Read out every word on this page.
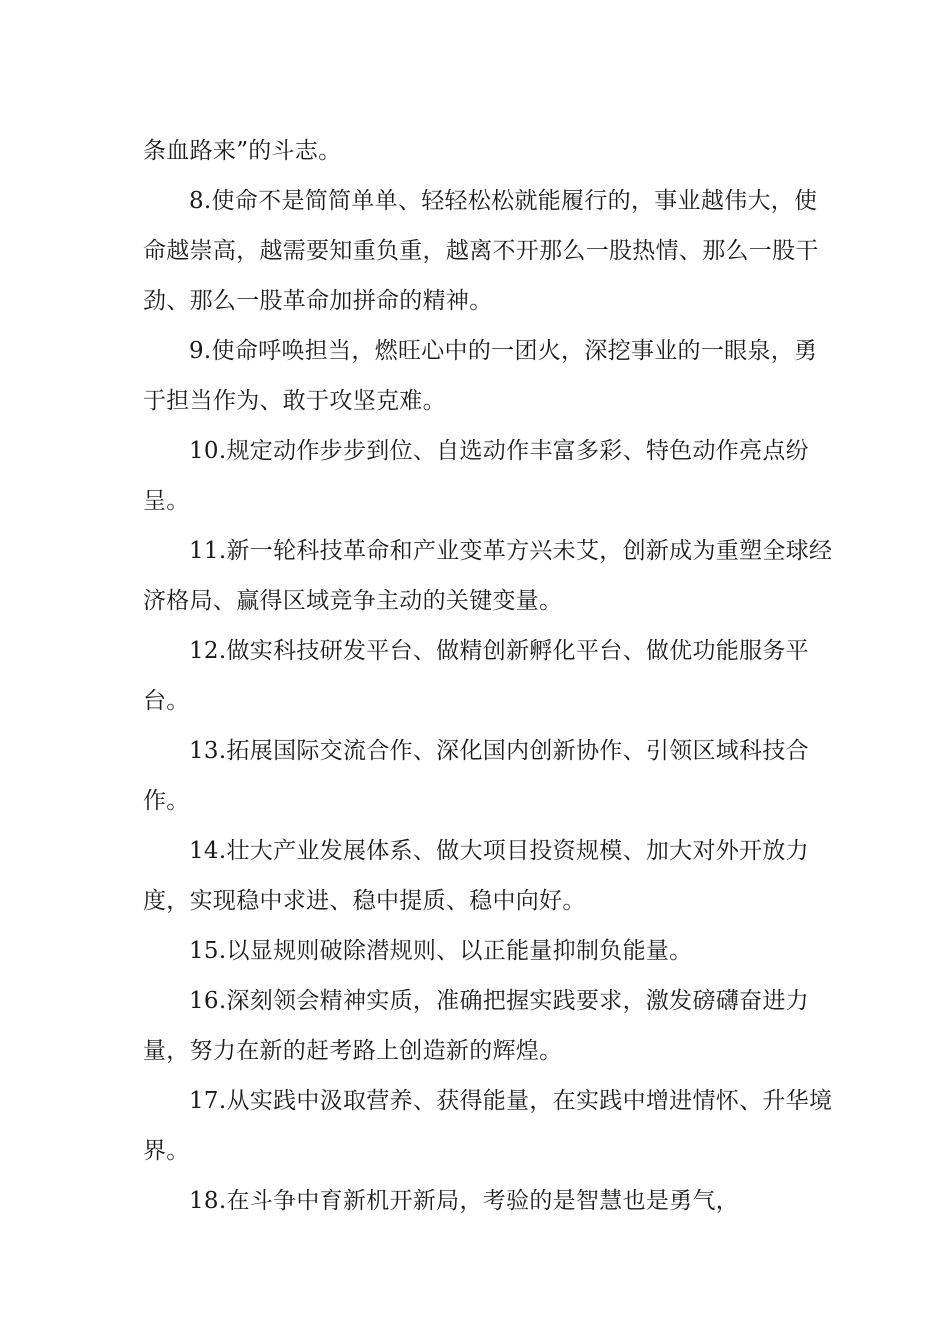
条血路来”的斗志。

8.使命不是简简单单、轻轻松松就能履行的，事业越伟大，使命越崇高，越需要知重负重，越离不开那么一股热情、那么一股干劲、那么一股革命加拼命的精神。

9.使命呼唤担当，燃旺心中的一团火，深挖事业的一眼泉，勇于担当作为、敢于攻坚克难。

10.规定动作步步到位、自选动作丰富多彩、特色动作亮点纷呈。

11.新一轮科技革命和产业变革方兴未艾，创新成为重塑全球经济格局、赢得区域竞争主动的关键变量。

12.做实科技研发平台、做精创新孵化平台、做优功能服务平台。

13.拓展国际交流合作、深化国内创新协作、引领区域科技合作。

14.壮大产业发展体系、做大项目投资规模、加大对外开放力度，实现稳中求进、稳中提质、稳中向好。

15.以显规则破除潜规则、以正能量抑制负能量。

16.深刻领会精神实质，准确把握实践要求，激发磅礴奋进力量，努力在新的赶考路上创造新的辉煌。

17.从实践中汲取营养、获得能量，在实践中增进情怀、升华境界。

18.在斗争中育新机开新局，考验的是智慧也是勇气，
